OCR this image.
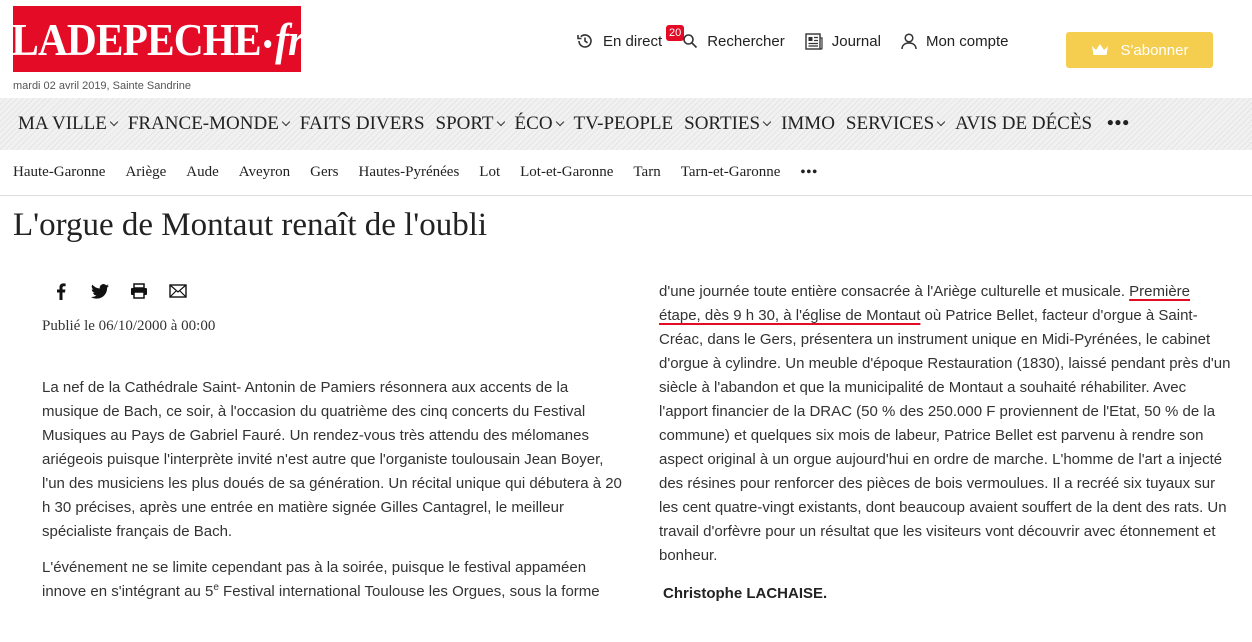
LADEPECHE fr
mardi 02 avril 2019, Sainte Sandrine
En direct 20 Rechercher	Journal	Mon compte
S'abonner
MA VILLE FRANCE-MONDE FAITS DIVERS SPORT ÉCO TV-PEOPLE SORTIES IMMO SERVICES AVIS DE DÉCÈS •••
Haute-Garonne Ariège Aude Aveyron Gers Hautes-Pyrénées Lot Lot-et-Garonne Tarn Tarn-et-Garonne •••
L'orgue de Montaut renaît de l'oubli
Publié le 06/10/2000 à 00:00

La nef de la Cathédrale Saint- Antonin de Pamiers résonnera aux accents de la musique de Bach, ce soir, à l'occasion du quatrième des cinq concerts du Festival Musiques au Pays de Gabriel Fauré. Un rendez-vous très attendu des mélomanes ariégeois puisque l'interprète invité n'est autre que l'organiste toulousain Jean Boyer, l'un des musiciens les plus doués de sa génération. Un récital unique qui débutera à 20 h 30 précises, après une entrée en matière signée Gilles Cantagrel, le meilleur spécialiste français de Bach.

L'événement ne se limite cependant pas à la soirée, puisque le festival appaméen innove en s'intégrant au 5e Festival international Toulouse les Orgues, sous la forme

d'une journée toute entière consacrée à l'Ariège culturelle et musicale. Première étape, dès 9 h 30, à l'église de Montaut où Patrice Bellet, facteur d'orgue à Saint-Créac, dans le Gers, présentera un instrument unique en Midi-Pyrénées, le cabinet d'orgue à cylindre. Un meuble d'époque Restauration (1830), laissé pendant près d'un siècle à l'abandon et que la municipalité de Montaut a souhaité réhabiliter. Avec l'apport financier de la DRAC (50 % des 250.000 F proviennent de l'Etat, 50 % de la commune) et quelques six mois de labeur, Patrice Bellet est parvenu à rendre son aspect original à un orgue aujourd'hui en ordre de marche. L'homme de l'art a injecté des résines pour renforcer des pièces de bois vermoulues. Il a recréé six tuyaux sur les cent quatre-vingt existants, dont beaucoup avaient souffert de la dent des rats. Un travail d'orfèvre pour un résultat que les visiteurs vont découvrir avec étonnement et bonheur.

Christophe LACHAISE.
